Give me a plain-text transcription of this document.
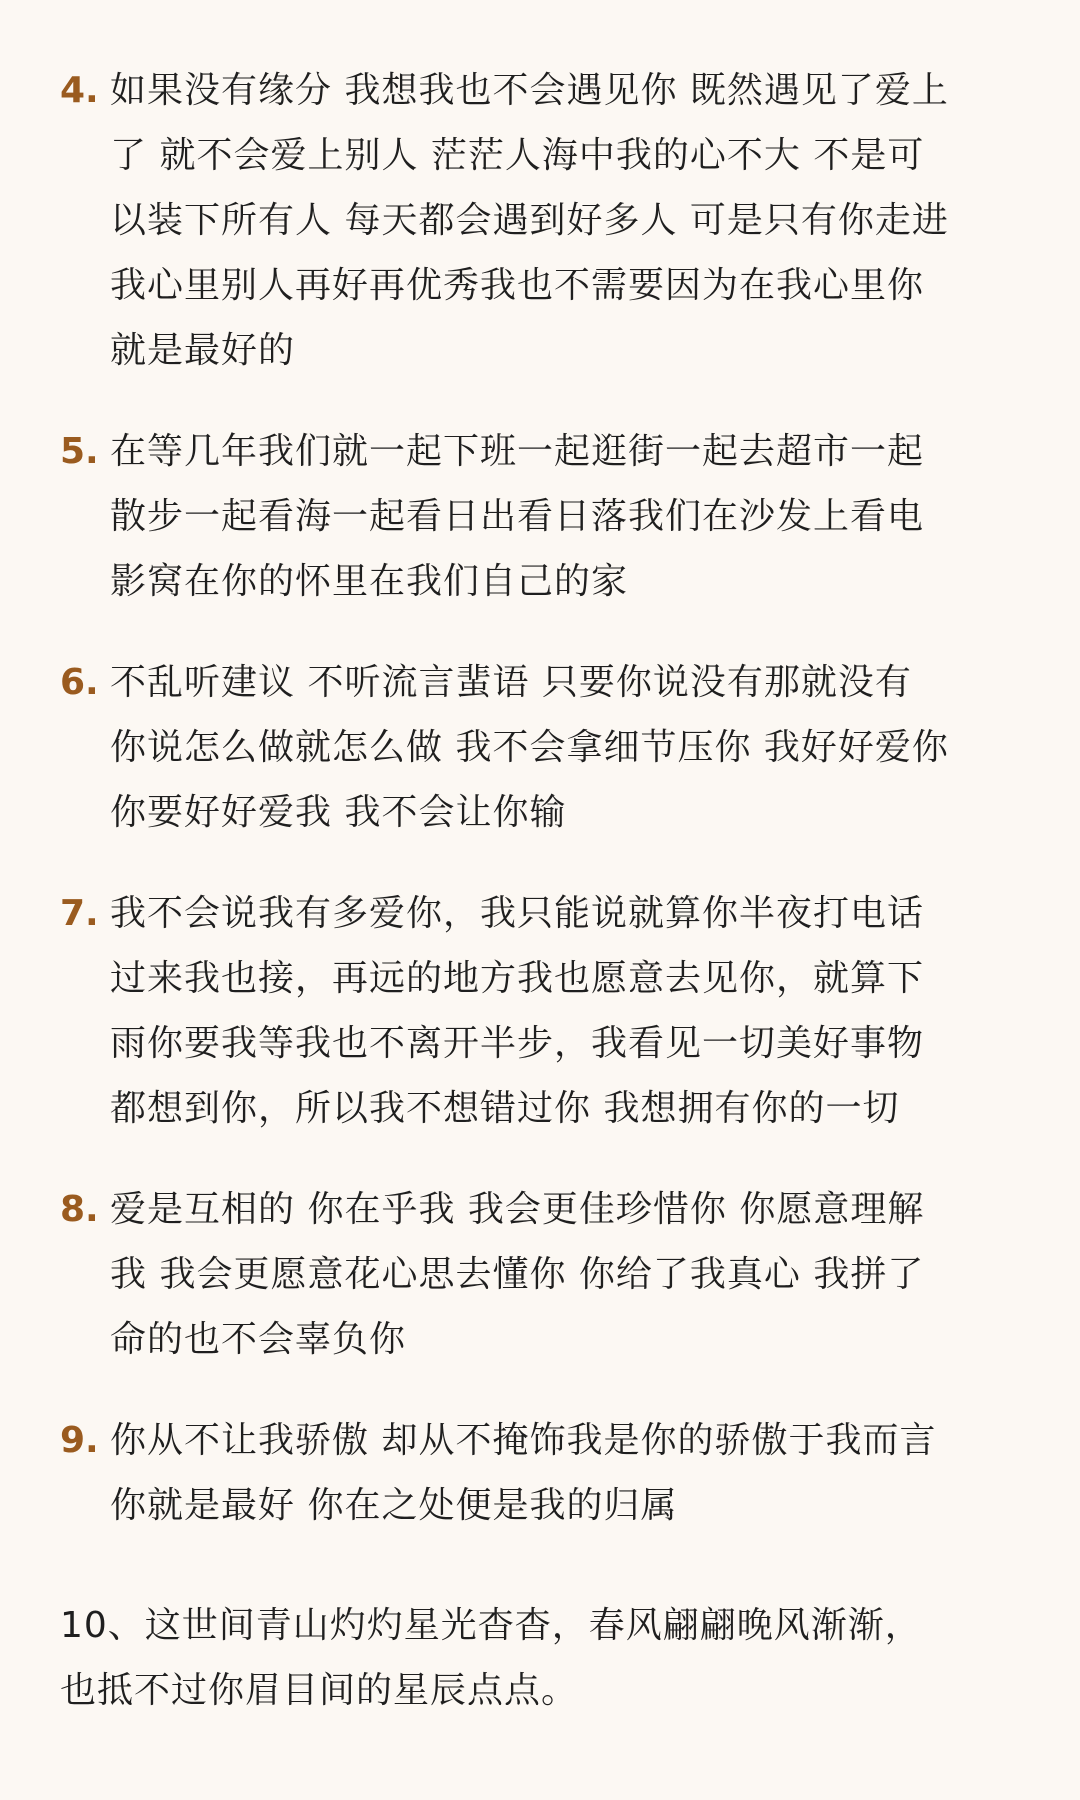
4. 如果没有缘分 我想我也不会遇见你 既然遇见了爱上
了 就不会爱上别人 茫茫人海中我的心不大 不是可
以装下所有人 每天都会遇到好多人 可是只有你走进
我心里别人再好再优秀我也不需要因为在我心里你
就是最好的
5. 在等几年我们就一起下班一起逛街一起去超市一起
散步一起看海一起看日出看日落我们在沙发上看电
影窝在你的怀里在我们自己的家
6. 不乱听建议 不听流言蜚语 只要你说没有那就没有
你说怎么做就怎么做 我不会拿细节压你 我好好爱你
你要好好爱我 我不会让你输
7. 我不会说我有多爱你，我只能说就算你半夜打电话
过来我也接，再远的地方我也愿意去见你，就算下
雨你要我等我也不离开半步，我看见一切美好事物
都想到你，所以我不想错过你 我想拥有你的一切
8. 爱是互相的 你在乎我 我会更佳珍惜你 你愿意理解
我 我会更愿意花心思去懂你 你给了我真心 我拼了
命的也不会辜负你
9. 你从不让我骄傲 却从不掩饰我是你的骄傲于我而言
你就是最好 你在之处便是我的归属
10、这世间青山灼灼星光杳杳，春风翩翩晚风渐渐，
也抵不过你眉目间的星辰点点。
